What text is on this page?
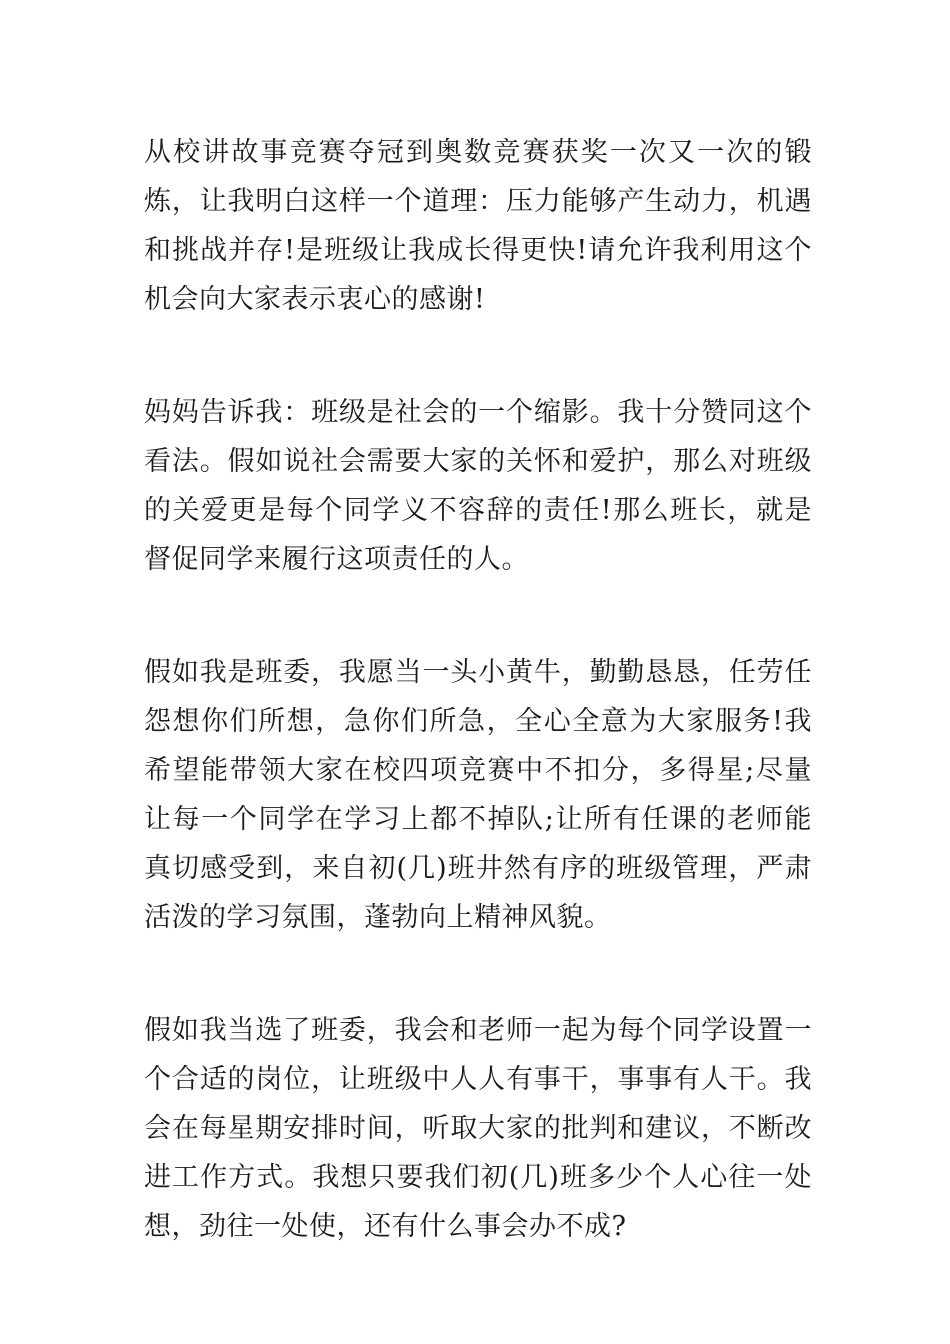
从校讲故事竞赛夺冠到奥数竞赛获奖一次又一次的锻炼，让我明白这样一个道理：压力能够产生动力，机遇和挑战并存!是班级让我成长得更快!请允许我利用这个机会向大家表示衷心的感谢!

妈妈告诉我：班级是社会的一个缩影。我十分赞同这个看法。假如说社会需要大家的关怀和爱护，那么对班级的关爱更是每个同学义不容辞的责任!那么班长，就是督促同学来履行这项责任的人。

假如我是班委，我愿当一头小黄牛，勤勤恳恳，任劳任怨想你们所想，急你们所急，全心全意为大家服务!我希望能带领大家在校四项竞赛中不扣分，多得星;尽量让每一个同学在学习上都不掉队;让所有任课的老师能真切感受到，来自初(几)班井然有序的班级管理，严肃活泼的学习氛围，蓬勃向上精神风貌。

假如我当选了班委，我会和老师一起为每个同学设置一个合适的岗位，让班级中人人有事干，事事有人干。我会在每星期安排时间，听取大家的批判和建议，不断改进工作方式。我想只要我们初(几)班多少个人心往一处想，劲往一处使，还有什么事会办不成?
